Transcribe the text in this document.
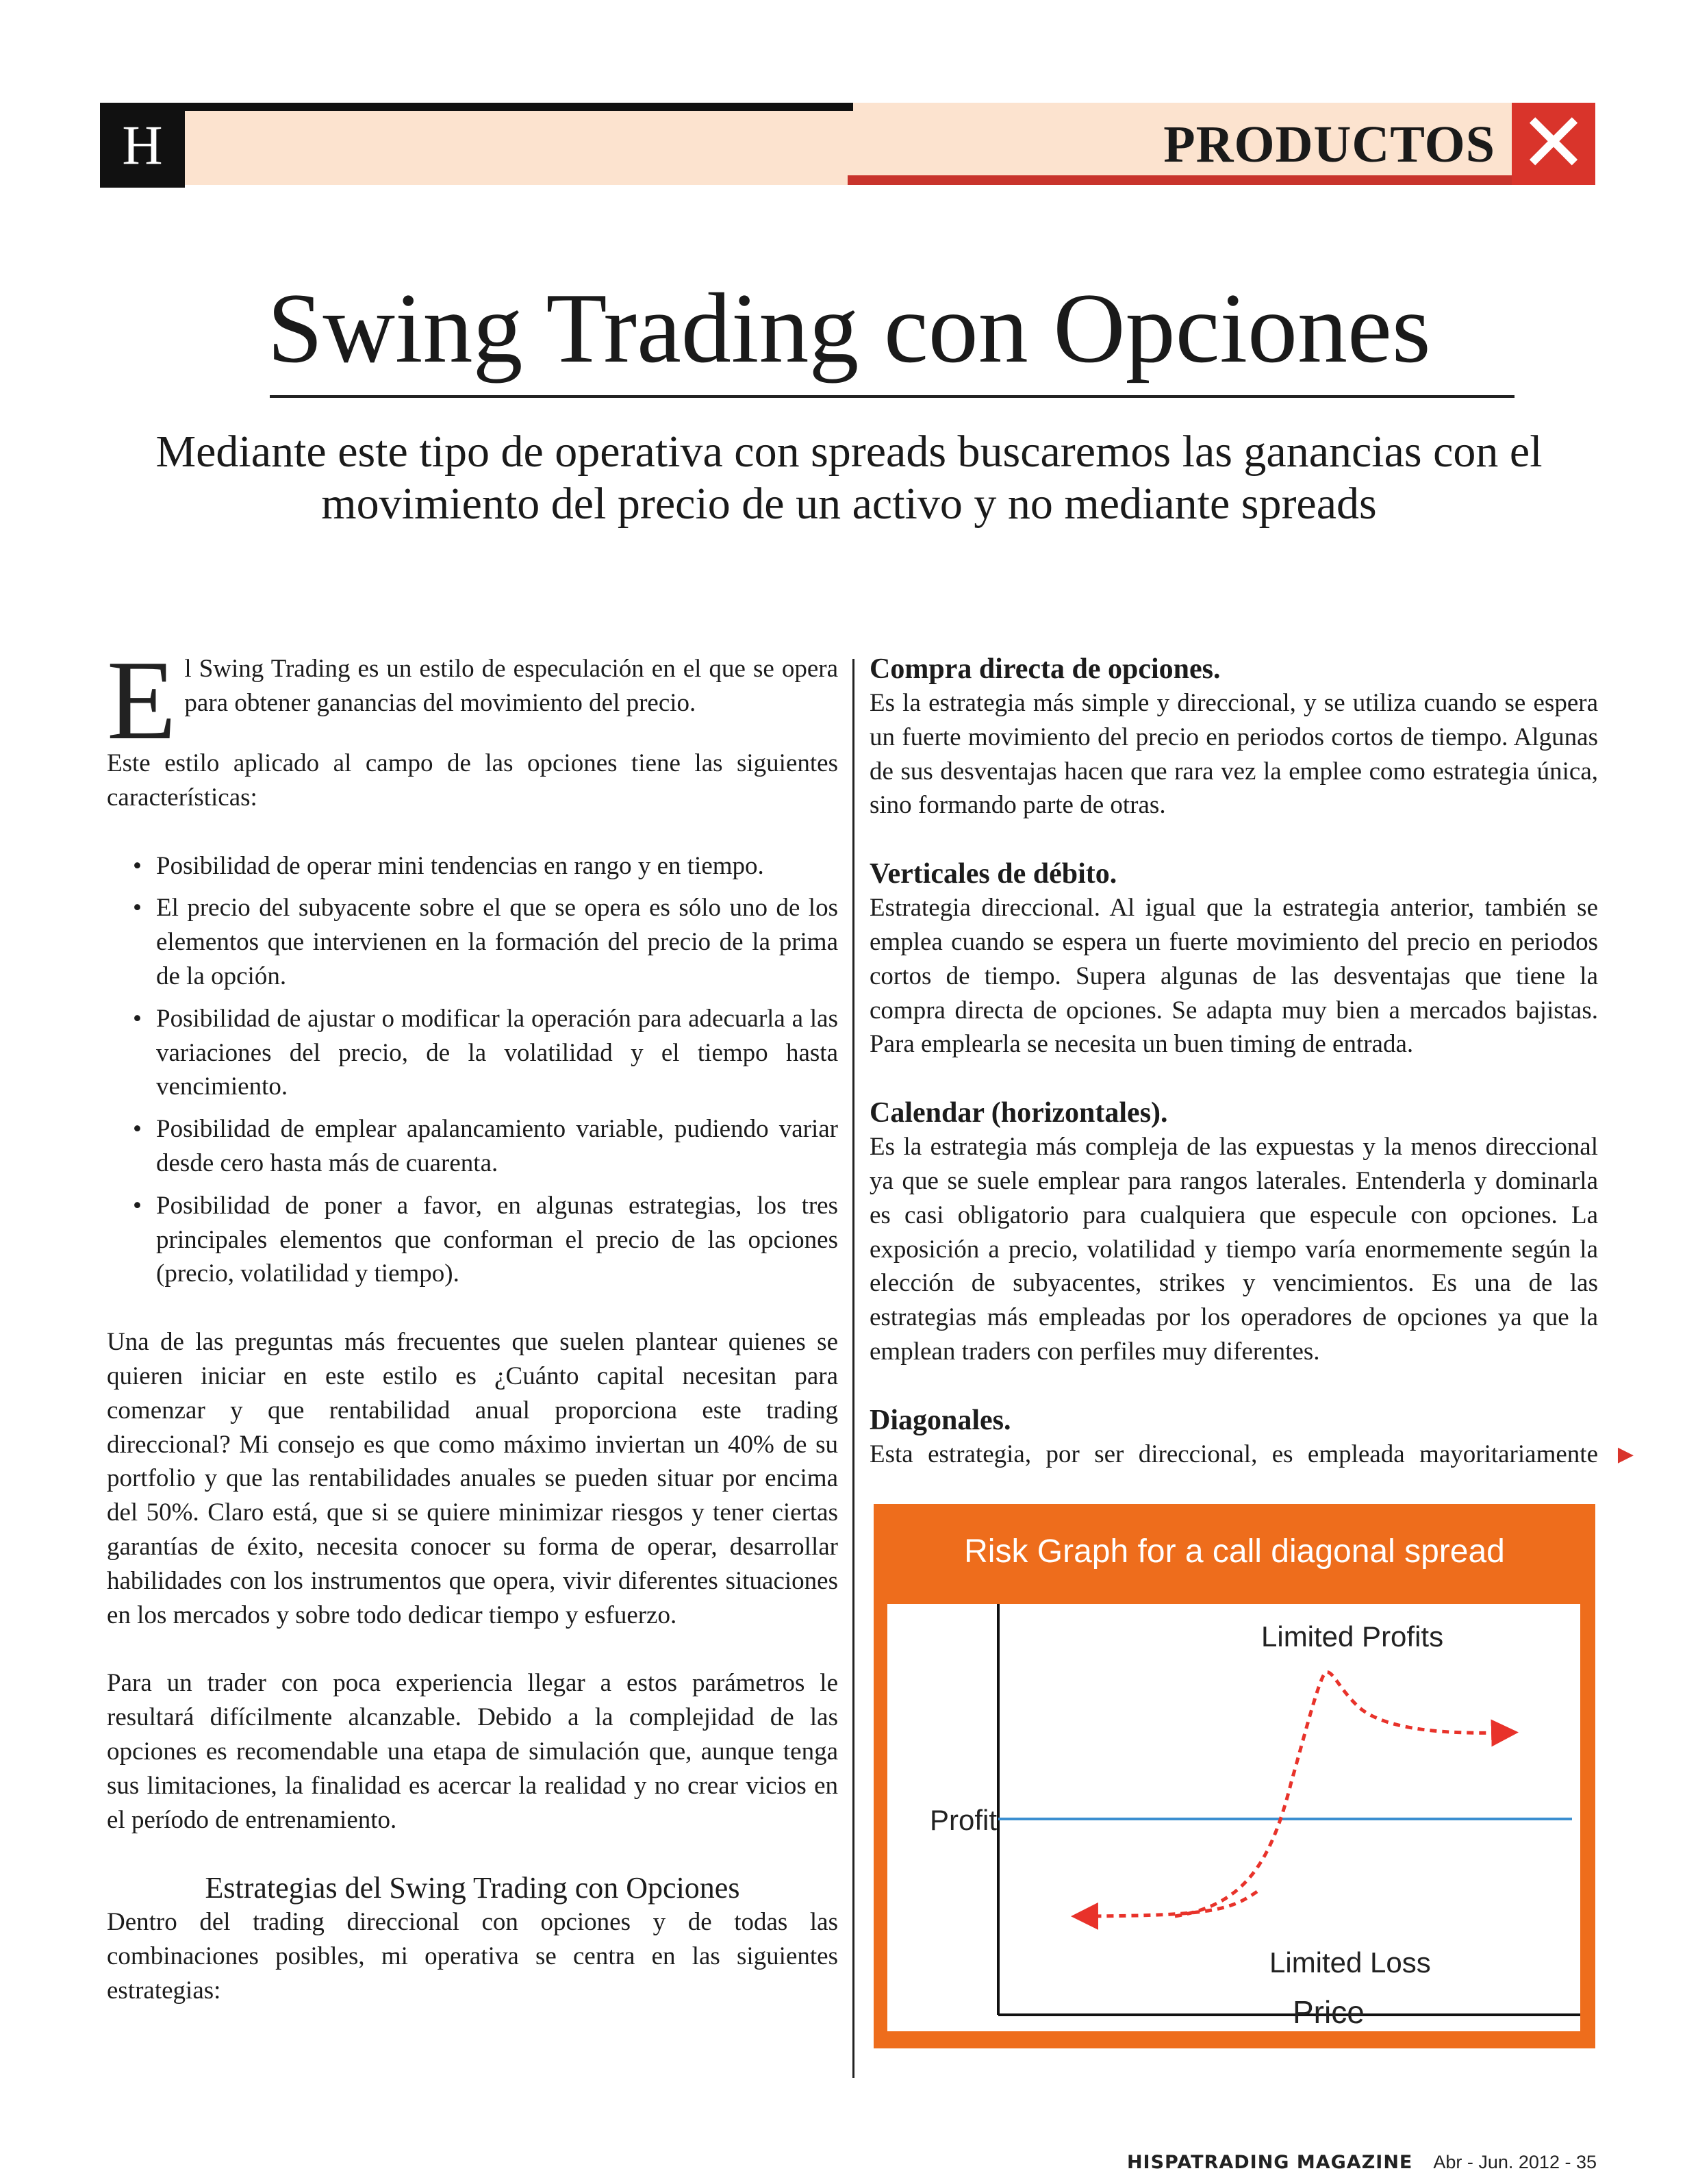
H	PRODUCTOS ✕
Swing Trading con Opciones
Mediante este tipo de operativa con spreads buscaremos las ganancias con el movimiento del precio de un activo y no mediante spreads

El Swing Trading es un estilo de especulación en el que se opera para obtener ganancias del movimiento del precio.

Este estilo aplicado al campo de las opciones tiene las siguientes características:

• Posibilidad de operar mini tendencias en rango y en tiempo.
• El precio del subyacente sobre el que se opera es sólo uno de los elementos que intervienen en la formación del precio de la prima de la opción.
• Posibilidad de ajustar o modificar la operación para adecuarla a las variaciones del precio, de la volatilidad y el tiempo hasta vencimiento.
• Posibilidad de emplear apalancamiento variable, pudiendo variar desde cero hasta más de cuarenta.
• Posibilidad de poner a favor, en algunas estrategias, los tres principales elementos que conforman el precio de las opciones (precio, volatilidad y tiempo).

Una de las preguntas más frecuentes que suelen plantear quienes se quieren iniciar en este estilo es ¿Cuánto capital necesitan para comenzar y que rentabilidad anual proporciona este trading direccional? Mi consejo es que como máximo inviertan un 40% de su portfolio y que las rentabilidades anuales se pueden situar por encima del 50%. Claro está, que si se quiere minimizar riesgos y tener ciertas garantías de éxito, necesita conocer su forma de operar, desarrollar habilidades con los instrumentos que opera, vivir diferentes situaciones en los mercados y sobre todo dedicar tiempo y esfuerzo.

Para un trader con poca experiencia llegar a estos parámetros le resultará difícilmente alcanzable. Debido a la complejidad de las opciones es recomendable una etapa de simulación que, aunque tenga sus limitaciones, la finalidad es acercar la realidad y no crear vicios en el período de entrenamiento.

Estrategias del Swing Trading con Opciones

Dentro del trading direccional con opciones y de todas las combinaciones posibles, mi operativa se centra en las siguientes estrategias:

Compra directa de opciones.

Es la estrategia más simple y direccional, y se utiliza cuando se espera un fuerte movimiento del precio en periodos cortos de tiempo. Algunas de sus desventajas hacen que rara vez la emplee como estrategia única, sino formando parte de otras.

Verticales de débito.

Estrategia direccional. Al igual que la estrategia anterior, también se emplea cuando se espera un fuerte movimiento del precio en periodos cortos de tiempo. Supera algunas de las desventajas que tiene la compra directa de opciones. Se adapta muy bien a mercados bajistas. Para emplearla se necesita un buen timing de entrada.

Calendar (horizontales).

Es la estrategia más compleja de las expuestas y la menos direccional ya que se suele emplear para rangos laterales. Entenderla y dominarla es casi obligatorio para cualquiera que especule con opciones. La exposición a precio, volatilidad y tiempo varía enormemente según la elección de subyacentes, strikes y vencimientos. Es una de las estrategias más empleadas por los operadores de opciones ya que la emplean traders con perfiles muy diferentes.

Diagonales.

Esta estrategia, por ser direccional, es empleada mayoritariamente ▶

Risk Graph for a call diagonal spread
Limited Profits
Profit
Limited Loss
Price
HISPATRADING MAGAZINE Abr - Jun. 2012 - 35
